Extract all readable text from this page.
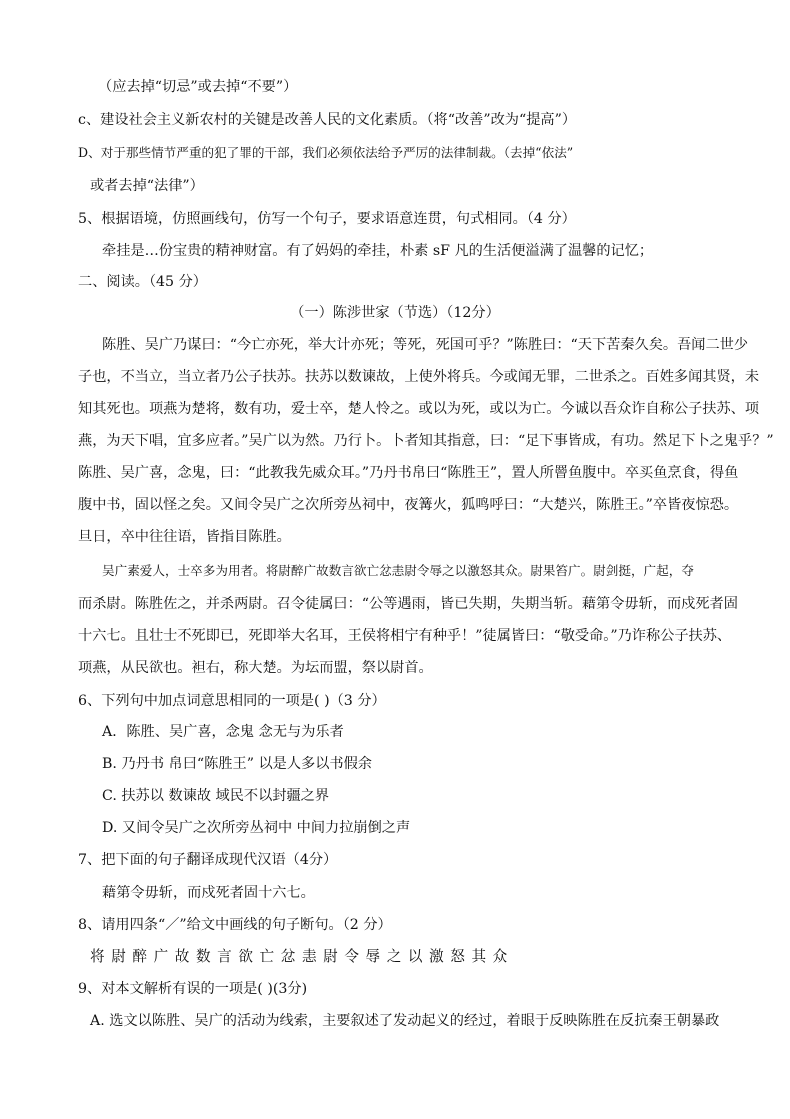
（应去掉“切忌”或去掉“不要”）
c、建设社会主义新农村的关键是改善人民的文化素质。（将“改善”改为“提高”）
D、对于那些情节严重的犯了罪的干部，我们必须依法给予严厉的法律制裁。（去掉“依法”
或者去掉“法律”）
5、根据语境，仿照画线句，仿写一个句子，要求语意连贯，句式相同。（4 分）
牵挂是…份宝贵的精神财富。有了妈妈的牵挂，朴素 sF 凡的生活便溢满了温馨的记忆；
二、阅读。（45 分）
（一）陈涉世家（节选）（12分）
陈胜、吴广乃谋曰：“今亡亦死，举大计亦死；等死，死国可乎？”陈胜曰：“天下苦秦久矣。吾闻二世少
子也，不当立，当立者乃公子扶苏。扶苏以数谏故，上使外将兵。今或闻无罪，二世杀之。百姓多闻其贤，未
知其死也。项燕为楚将，数有功，爱士卒，楚人怜之。或以为死，或以为亡。今诚以吾众诈自称公子扶苏、项
燕，为天下唱，宜多应者。”吴广以为然。乃行卜。卜者知其指意，曰：“足下事皆成，有功。然足下卜之鬼乎？”
陈胜、吴广喜，念鬼，曰：“此教我先威众耳。”乃丹书帛曰“陈胜王”，置人所罾鱼腹中。卒买鱼烹食，得鱼
腹中书，固以怪之矣。又间令吴广之次所旁丛祠中，夜篝火，狐鸣呼曰：“大楚兴，陈胜王。”卒皆夜惊恐。
旦日，卒中往往语，皆指目陈胜。
吴广素爱人，士卒多为用者。将尉醉广故数言欲亡忿恚尉令辱之以激怒其众。尉果笞广。尉剑挺，广起，夺
而杀尉。陈胜佐之，并杀两尉。召令徒属曰：“公等遇雨，皆已失期，失期当斩。藉第令毋斩，而戍死者固
十六七。且壮士不死即已，死即举大名耳，王侯将相宁有种乎！”徒属皆曰：“敬受命。”乃诈称公子扶苏、
项燕，从民欲也。袒右，称大楚。为坛而盟，祭以尉首。
6、下列句中加点词意思相同的一项是( )（3 分）
A．陈胜、吴广喜，念鬼 念无与为乐者
B. 乃丹书 帛曰“陈胜王” 以是人多以书假余
C. 扶苏以 数谏故 域民不以封疆之界
D. 又间令吴广之次所旁丛祠中 中间力拉崩倒之声
7、把下面的句子翻译成现代汉语（4分）
藉第令毋斩，而戍死者固十六七。
8、请用四条“／”给文中画线的句子断句。（2 分）
将尉醉广故数言欲亡忿恚尉令辱之以激怒其众
9、对本文解析有误的一项是( )(3分)
A. 选文以陈胜、吴广的活动为线索，主要叙述了发动起义的经过，着眼于反映陈胜在反抗秦王朝暴政
